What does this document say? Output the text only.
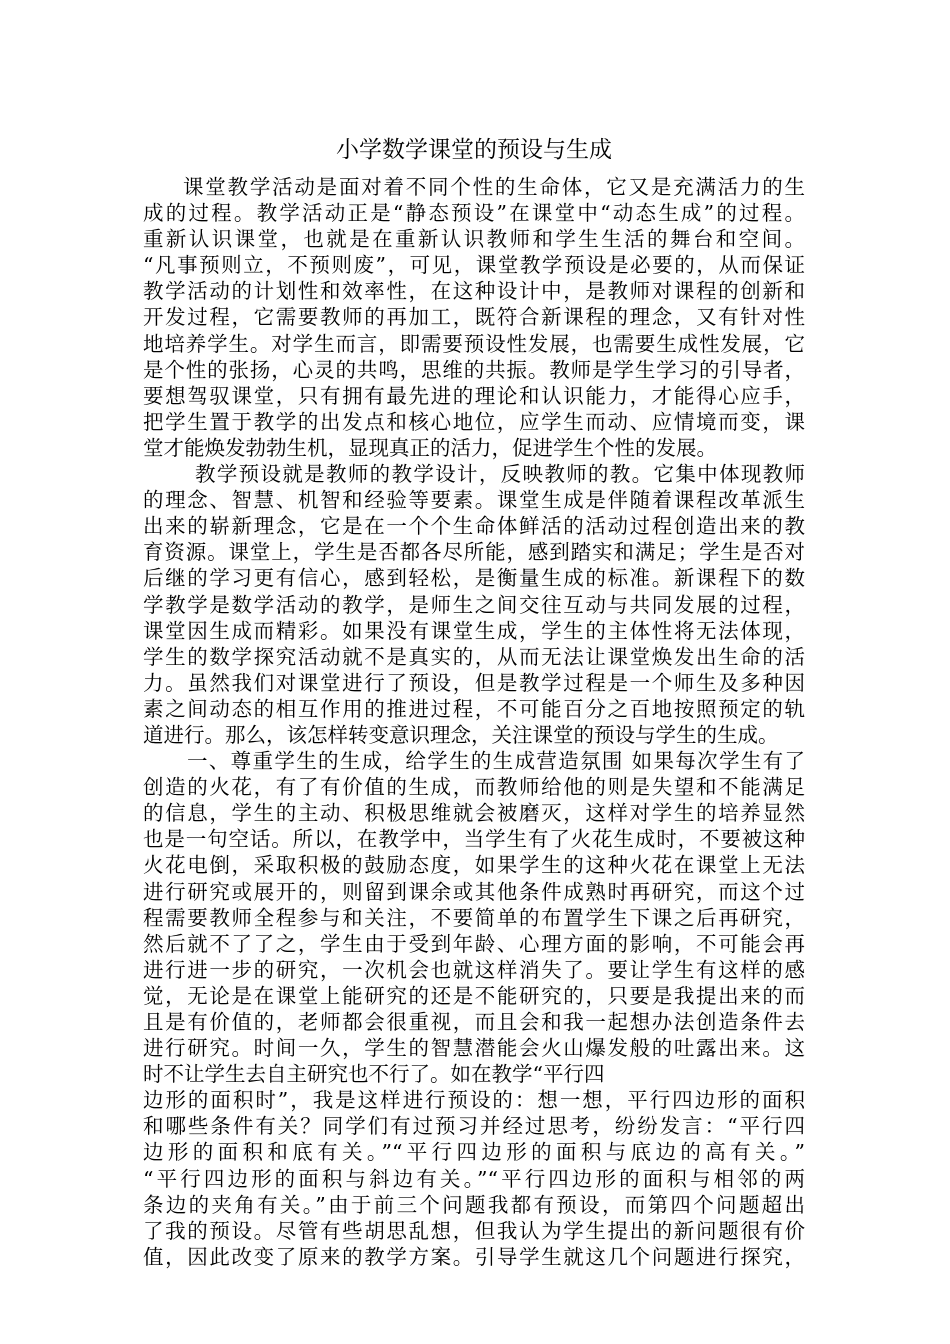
小学数学课堂的预设与生成
课堂教学活动是面对着不同个性的生命体，它又是充满活力的生
成的过程。教学活动正是“静态预设”在课堂中“动态生成”的过程。
重新认识课堂，也就是在重新认识教师和学生生活的舞台和空间。
“凡事预则立，不预则废”，可见，课堂教学预设是必要的，从而保证
教学活动的计划性和效率性，在这种设计中，是教师对课程的创新和
开发过程，它需要教师的再加工，既符合新课程的理念，又有针对性
地培养学生。对学生而言，即需要预设性发展，也需要生成性发展，它
是个性的张扬，心灵的共鸣，思维的共振。教师是学生学习的引导者，
要想驾驭课堂，只有拥有最先进的理论和认识能力，才能得心应手，
把学生置于教学的出发点和核心地位，应学生而动、应情境而变，课
堂才能焕发勃勃生机，显现真正的活力，促进学生个性的发展。
教学预设就是教师的教学设计，反映教师的教。它集中体现教师
的理念、智慧、机智和经验等要素。课堂生成是伴随着课程改革派生
出来的崭新理念，它是在一个个生命体鲜活的活动过程创造出来的教
育资源。课堂上，学生是否都各尽所能，感到踏实和满足；学生是否对
后继的学习更有信心，感到轻松，是衡量生成的标准。新课程下的数
学教学是数学活动的教学，是师生之间交往互动与共同发展的过程，
课堂因生成而精彩。如果没有课堂生成，学生的主体性将无法体现，
学生的数学探究活动就不是真实的，从而无法让课堂焕发出生命的活
力。虽然我们对课堂进行了预设，但是教学过程是一个师生及多种因
素之间动态的相互作用的推进过程，不可能百分之百地按照预定的轨
道进行。那么，该怎样转变意识理念，关注课堂的预设与学生的生成。
一、尊重学生的生成，给学生的生成营造氛围 如果每次学生有了
创造的火花，有了有价值的生成，而教师给他的则是失望和不能满足
的信息，学生的主动、积极思维就会被磨灭，这样对学生的培养显然
也是一句空话。所以，在教学中，当学生有了火花生成时，不要被这种
火花电倒，采取积极的鼓励态度，如果学生的这种火花在课堂上无法
进行研究或展开的，则留到课余或其他条件成熟时再研究，而这个过
程需要教师全程参与和关注，不要简单的布置学生下课之后再研究，
然后就不了了之，学生由于受到年龄、心理方面的影响，不可能会再
进行进一步的研究，一次机会也就这样消失了。要让学生有这样的感
觉，无论是在课堂上能研究的还是不能研究的，只要是我提出来的而
且是有价值的，老师都会很重视，而且会和我一起想办法创造条件去
进行研究。时间一久，学生的智慧潜能会火山爆发般的吐露出来。这
时不让学生去自主研究也不行了。如在教学“平行四
边形的面积时”，我是这样进行预设的：想一想，平行四边形的面积
和哪些条件有关？同学们有过预习并经过思考，纷纷发言：“平行四
边形的面积和底有关。”“平行四边形的面积与底边的高有关。”
“平行四边形的面积与斜边有关。”“平行四边形的面积与相邻的两
条边的夹角有关。”由于前三个问题我都有预设，而第四个问题超出
了我的预设。尽管有些胡思乱想，但我认为学生提出的新问题很有价
值，因此改变了原来的教学方案。引导学生就这几个问题进行探究，
